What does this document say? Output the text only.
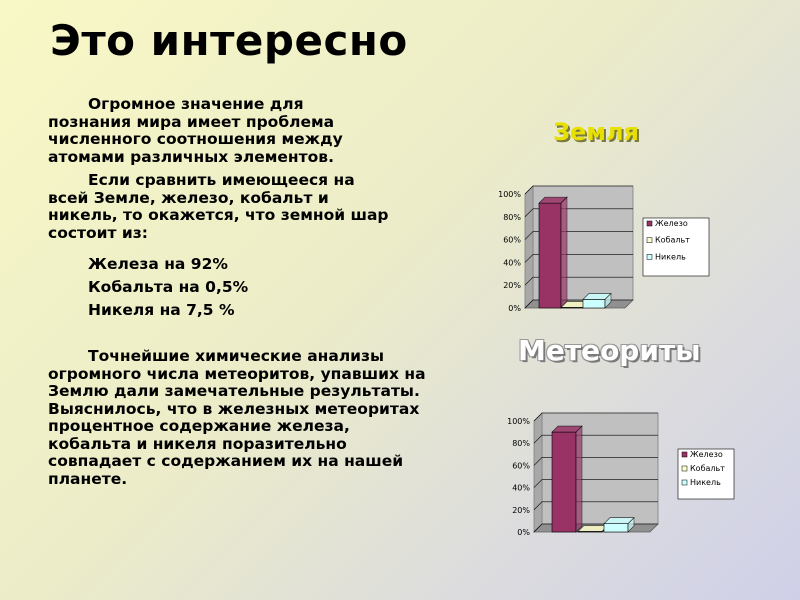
Это интересно

Огромное значение для познания мира имеет проблема численного соотношения между атомами различных элементов.

Если сравнить имеющееся на всей Земле, железо, кобальт и никель, то окажется, что земной шар состоит из:

Железа на 92%

Кобальта на 0,5%

Никеля на 7,5 %

Точнейшие химические анализы огромного числа метеоритов, упавших на Землю дали замечательные результаты. Выяснилось, что в железных метеоритах процентное содержание железа, кобальта и никеля поразительно совпадает с содержанием их на нашей планете.

Земля
0%
20%
40%
60%
80%
100%
Железо
Кобальт
Никель
Метеориты
0%
20%
40%
60%
80%
100%
Железо
Кобальт
Никель
